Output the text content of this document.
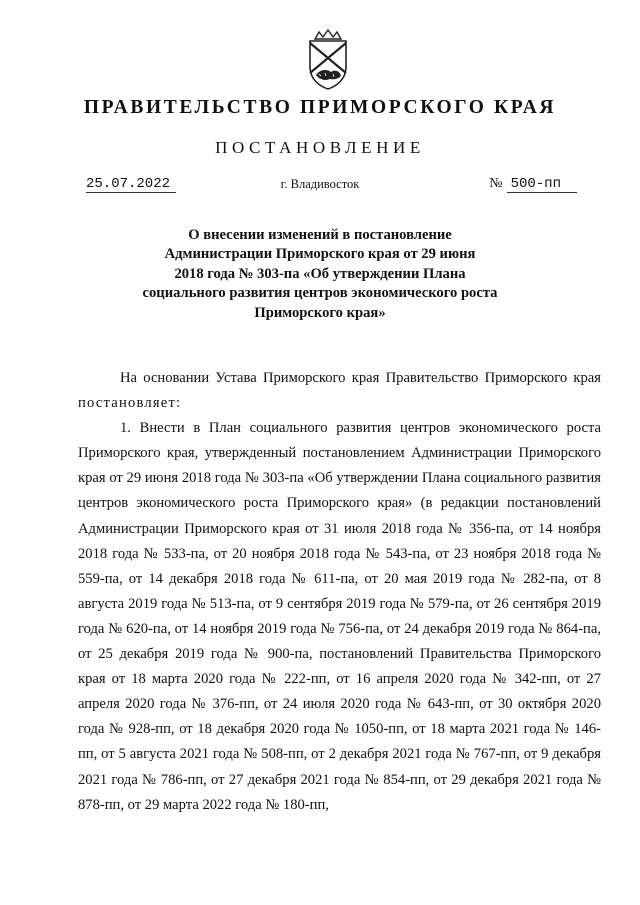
ПРАВИТЕЛЬСТВО ПРИМОРСКОГО КРАЯ
ПОСТАНОВЛЕНИЕ
25.07.2022	г. Владивосток	№ 500-пп
О внесении изменений в постановление
Администрации Приморского края от 29 июня
2018 года № 303-па «Об утверждении Плана
социального развития центров экономического роста
Приморского края»

На основании Устава Приморского края Правительство Приморского края постановляет:

1. Внести в План социального развития центров экономического роста Приморского края, утвержденный постановлением Администрации Приморского края от 29 июня 2018 года № 303-па «Об утверждении Плана социального развития центров экономического роста Приморского края» (в редакции постановлений Администрации Приморского края от 31 июля 2018 года № 356-па, от 14 ноября 2018 года № 533-па, от 20 ноября 2018 года № 543-па, от 23 ноября 2018 года № 559-па, от 14 декабря 2018 года № 611-па, от 20 мая 2019 года № 282-па, от 8 августа 2019 года № 513-па, от 9 сентября 2019 года № 579-па, от 26 сентября 2019 года № 620-па, от 14 ноября 2019 года № 756-па, от 24 декабря 2019 года № 864-па, от 25 декабря 2019 года № 900-па, постановлений Правительства Приморского края от 18 марта 2020 года № 222-пп, от 16 апреля 2020 года № 342-пп, от 27 апреля 2020 года № 376-пп, от 24 июля 2020 года № 643-пп, от 30 октября 2020 года № 928-пп, от 18 декабря 2020 года № 1050-пп, от 18 марта 2021 года № 146-пп, от 5 августа 2021 года № 508-пп, от 2 декабря 2021 года № 767-пп, от 9 декабря 2021 года № 786-пп, от 27 декабря 2021 года № 854-пп, от 29 декабря 2021 года № 878-пп, от 29 марта 2022 года № 180-пп,
